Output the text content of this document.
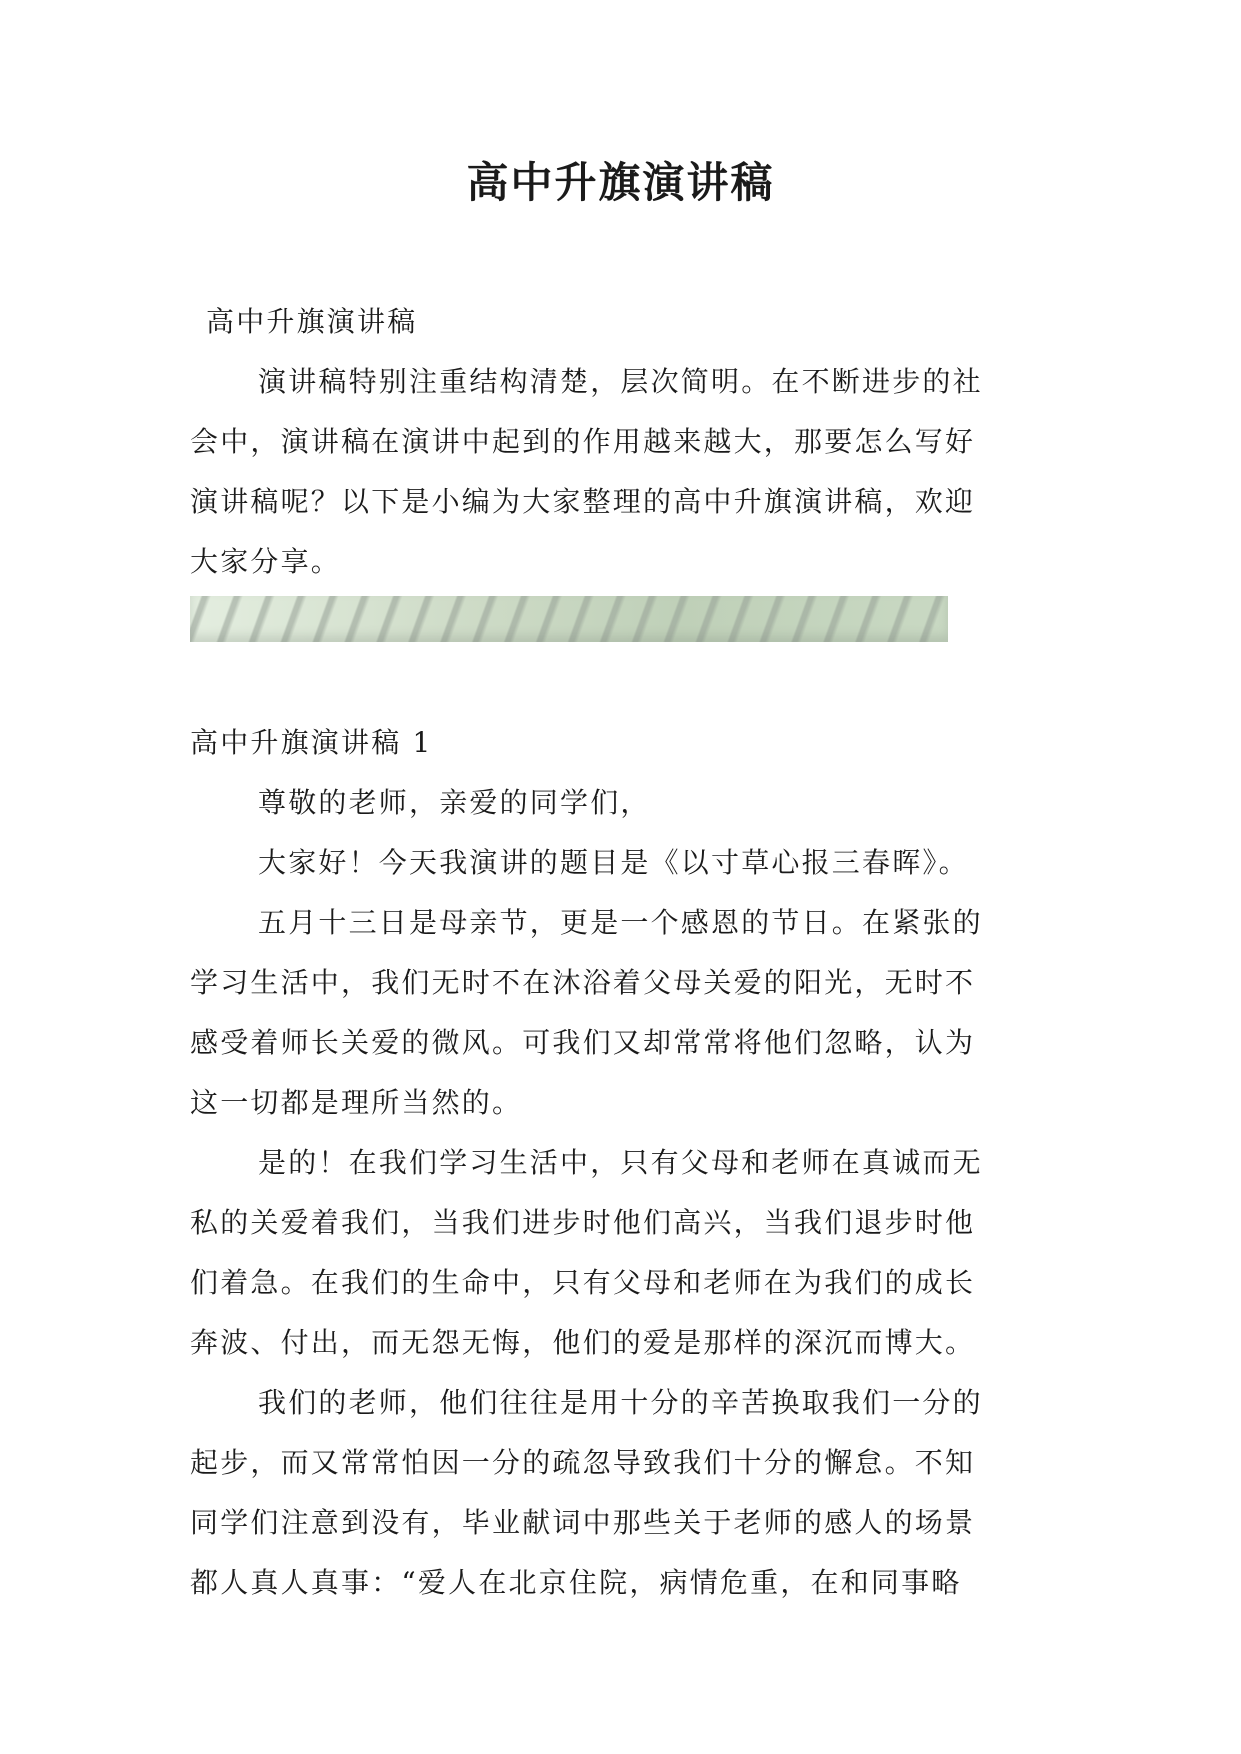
高中升旗演讲稿
高中升旗演讲稿
演讲稿特别注重结构清楚，层次简明。在不断进步的社
会中，演讲稿在演讲中起到的作用越来越大，那要怎么写好
演讲稿呢？以下是小编为大家整理的高中升旗演讲稿，欢迎
大家分享。
高中升旗演讲稿 1
尊敬的老师，亲爱的同学们，
大家好！今天我演讲的题目是《以寸草心报三春晖》。
五月十三日是母亲节，更是一个感恩的节日。在紧张的
学习生活中，我们无时不在沐浴着父母关爱的阳光，无时不
感受着师长关爱的微风。可我们又却常常将他们忽略，认为
这一切都是理所当然的。
是的！在我们学习生活中，只有父母和老师在真诚而无
私的关爱着我们，当我们进步时他们高兴，当我们退步时他
们着急。在我们的生命中，只有父母和老师在为我们的成长
奔波、付出，而无怨无悔，他们的爱是那样的深沉而博大。
我们的老师，他们往往是用十分的辛苦换取我们一分的
起步，而又常常怕因一分的疏忽导致我们十分的懈怠。不知
同学们注意到没有，毕业献词中那些关于老师的感人的场景
都人真人真事：“爱人在北京住院，病情危重，在和同事略
